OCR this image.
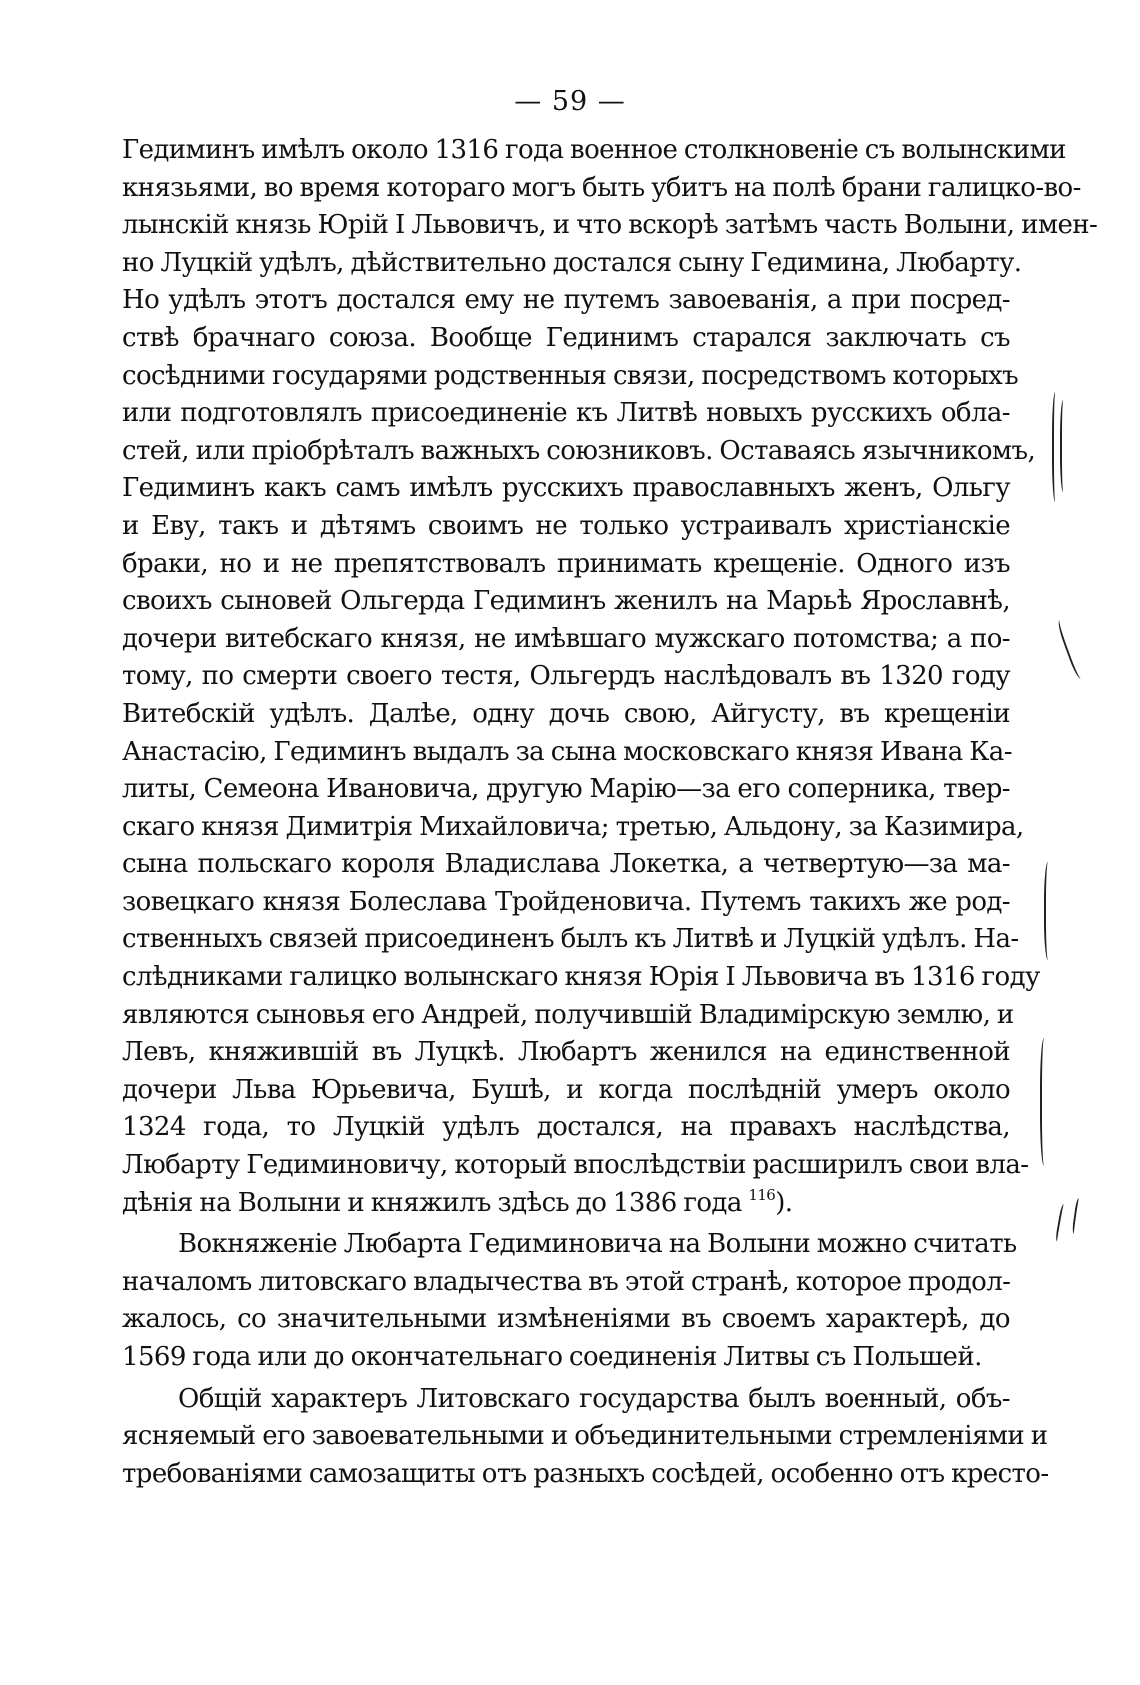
— 59 —
Гедиминъ имѣлъ около 1316 года военное столкновеніе съ волынскими
князьями, во время котораго могъ быть убитъ на полѣ брани галицко-во-
лынскій князь Юрій I Львовичъ, и что вскорѣ затѣмъ часть Волыни, имен-
но Луцкій удѣлъ, дѣйствительно достался сыну Гедимина, Любарту.
Но удѣлъ этотъ достался ему не путемъ завоеванія, а при посред-
ствѣ брачнаго союза. Вообще Гединимъ старался заключать съ
сосѣдними государями родственныя связи, посредствомъ которыхъ
или подготовлялъ присоединеніе къ Литвѣ новыхъ русскихъ обла-
стей, или пріобрѣталъ важныхъ союзниковъ. Оставаясь язычникомъ,
Гедиминъ какъ самъ имѣлъ русскихъ православныхъ женъ, Ольгу
и Еву, такъ и дѣтямъ своимъ не только устраивалъ христіанскіе
браки, но и не препятствовалъ принимать крещеніе. Одного изъ
своихъ сыновей Ольгерда Гедиминъ женилъ на Марьѣ Ярославнѣ,
дочери витебскаго князя, не имѣвшаго мужскаго потомства; а по-
тому, по смерти своего тестя, Ольгердъ наслѣдовалъ въ 1320 году
Витебскій удѣлъ. Далѣе, одну дочь свою, Айгусту, въ крещеніи
Анастасію, Гедиминъ выдалъ за сына московскаго князя Ивана Ка-
литы, Семеона Ивановича, другую Марію—за его соперника, твер-
скаго князя Димитрія Михайловича; третью, Альдону, за Казимира,
сына польскаго короля Владислава Локетка, а четвертую—за ма-
зовецкаго князя Болеслава Тройденовича. Путемъ такихъ же род-
ственныхъ связей присоединенъ былъ къ Литвѣ и Луцкій удѣлъ. На-
слѣдниками галицко волынскаго князя Юрія I Львовича въ 1316 году
являются сыновья его Андрей, получившій Владимірскую землю, и
Левъ, княжившій въ Луцкѣ. Любартъ женился на единственной
дочери Льва Юрьевича, Бушѣ, и когда послѣдній умеръ около
1324 года, то Луцкій удѣлъ достался, на правахъ наслѣдства,
Любарту Гедиминовичу, который впослѣдствіи расширилъ свои вла-
дѣнія на Волыни и княжилъ здѣсь до 1386 года $^{116}$).
Вокняженіе Любарта Гедиминовича на Волыни можно считать
началомъ литовскаго владычества въ этой странѣ, которое продол-
жалось, со значительными измѣненіями въ своемъ характерѣ, до
1569 года или до окончательнаго соединенія Литвы съ Польшей.
Общій характеръ Литовскаго государства былъ военный, объ-
ясняемый его завоевательными и объединительными стремленіями и
требованіями самозащиты отъ разныхъ сосѣдей, особенно отъ кресто-
